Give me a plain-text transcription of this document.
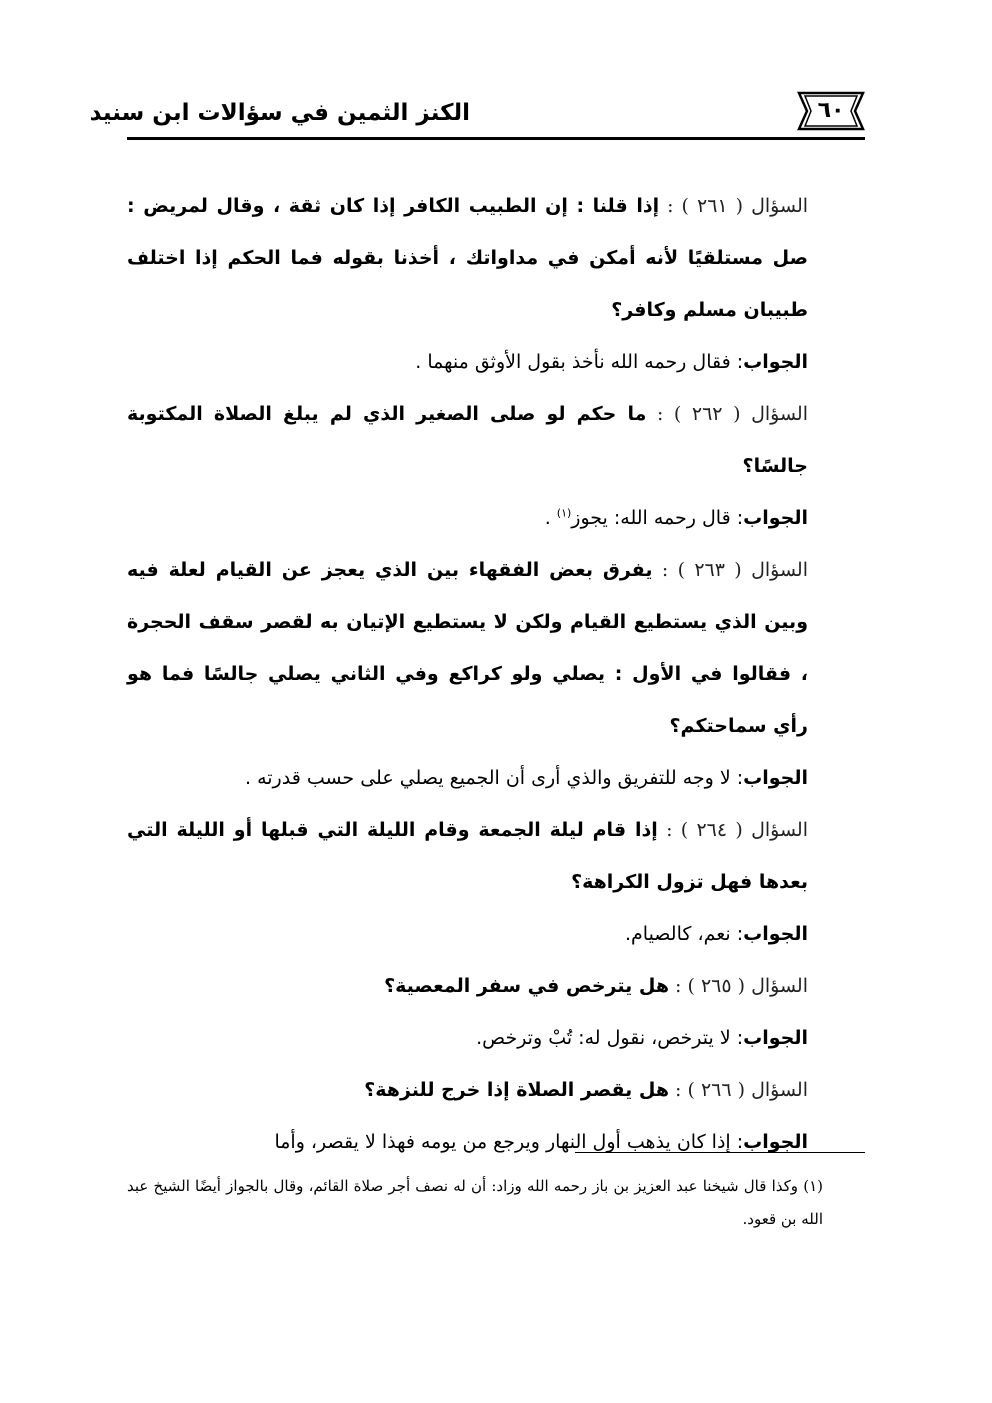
٦٠
الكنز الثمين في سؤالات ابن سنيد

السؤال ( ٢٦١ ) : إذا قلنا : إن الطبيب الكافر إذا كان ثقة ، وقال لمريض : صل مستلقيًا لأنه أمكن في مداواتك ، أخذنا بقوله فما الحكم إذا اختلف طبيبان مسلم وكافر؟

الجواب: فقال رحمه الله نأخذ بقول الأوثق منهما .

السؤال ( ٢٦٢ ) : ما حكم لو صلى الصغير الذي لم يبلغ الصلاة المكتوبة جالسًا؟

الجواب: قال رحمه الله: يجوز$^{(١)}$ .

السؤال ( ٢٦٣ ) : يفرق بعض الفقهاء بين الذي يعجز عن القيام لعلة فيه وبين الذي يستطيع القيام ولكن لا يستطيع الإتيان به لقصر سقف الحجرة ، فقالوا في الأول : يصلي ولو كراكع وفي الثاني يصلي جالسًا فما هو رأي سماحتكم؟

الجواب: لا وجه للتفريق والذي أرى أن الجميع يصلي على حسب قدرته .

السؤال ( ٢٦٤ ) : إذا قام ليلة الجمعة وقام الليلة التي قبلها أو الليلة التي بعدها فهل تزول الكراهة؟

الجواب: نعم، كالصيام.

السؤال ( ٢٦٥ ) : هل يترخص في سفر المعصية؟

الجواب: لا يترخص، نقول له: تُبْ وترخص.

السؤال ( ٢٦٦ ) : هل يقصر الصلاة إذا خرج للنزهة؟

الجواب: إذا كان يذهب أول النهار ويرجع من يومه فهذا لا يقصر، وأما

(١) وكذا قال شيخنا عبد العزيز بن باز رحمه الله وزاد: أن له نصف أجر صلاة القائم، وقال بالجواز أيضًا الشيخ عبد الله بن قعود.
